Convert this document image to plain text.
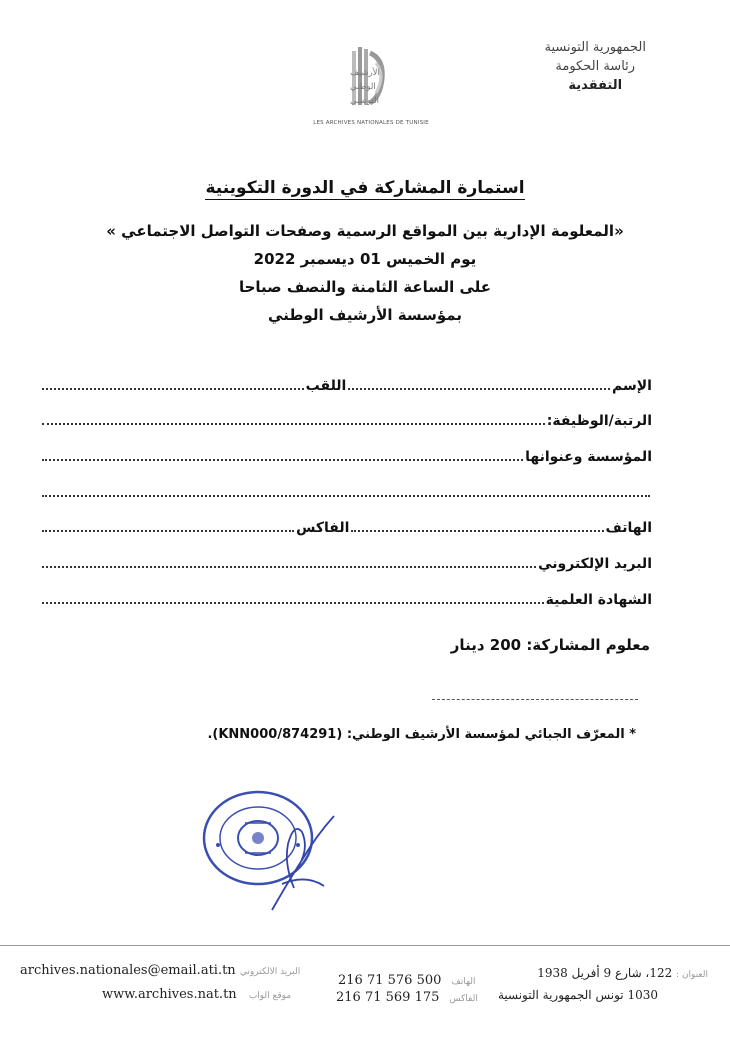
الجمهورية التونسية
رئاسة الحكومة
التفقدية
الأرشيف
الوطني
التونسي
LES ARCHIVES NATIONALES DE TUNISIE
استمارة المشاركة في الدورة التكوينية
«المعلومة الإدارية بين المواقع الرسمية وصفحات التواصل الاجتماعي »
يوم الخميس 01 ديسمبر 2022
على الساعة الثامنة والنصف صباحا
بمؤسسة الأرشيف الوطني
الإسم
اللقب
الرتبة/الوظيفة:
المؤسسة وعنوانها
الهاتف
الفاكس
البريد الإلكتروني
الشهادة العلمية
معلوم المشاركة: 200 دينار
* المعرّف الجبائي لمؤسسة الأرشيف الوطني: (874291/KNN000).
archives.nationales@email.ati.tn البريد الالكتروني
www.archives.nat.tn موقع الواب
216 71 576 500 الهاتف
216 71 569 175 الفاكس
العنوان : 122، شارع 9 أفريل 1938
1030 تونس الجمهورية التونسية
